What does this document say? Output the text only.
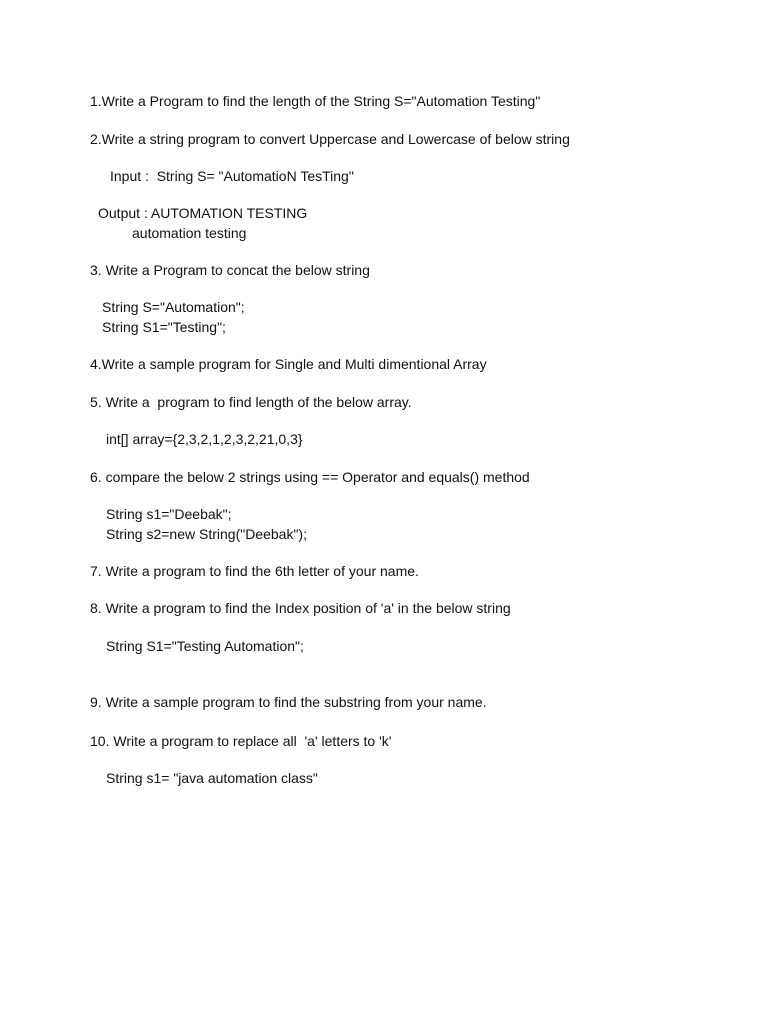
1.Write a Program to find the length of the String S="Automation Testing"
2.Write a string program to convert Uppercase and Lowercase of below string
Input :  String S= "AutomatioN TesTing"
Output : AUTOMATION TESTING
automation testing
3. Write a Program to concat the below string
String S="Automation";
String S1="Testing";
4.Write a sample program for Single and Multi dimentional Array
5. Write a  program to find length of the below array.
int[] array={2,3,2,1,2,3,2,21,0,3}
6. compare the below 2 strings using == Operator and equals() method
String s1="Deebak";
String s2=new String("Deebak");
7. Write a program to find the 6th letter of your name.
8. Write a program to find the Index position of 'a' in the below string
String S1="Testing Automation";
9. Write a sample program to find the substring from your name.
10. Write a program to replace all  'a' letters to 'k'
String s1= "java automation class"
